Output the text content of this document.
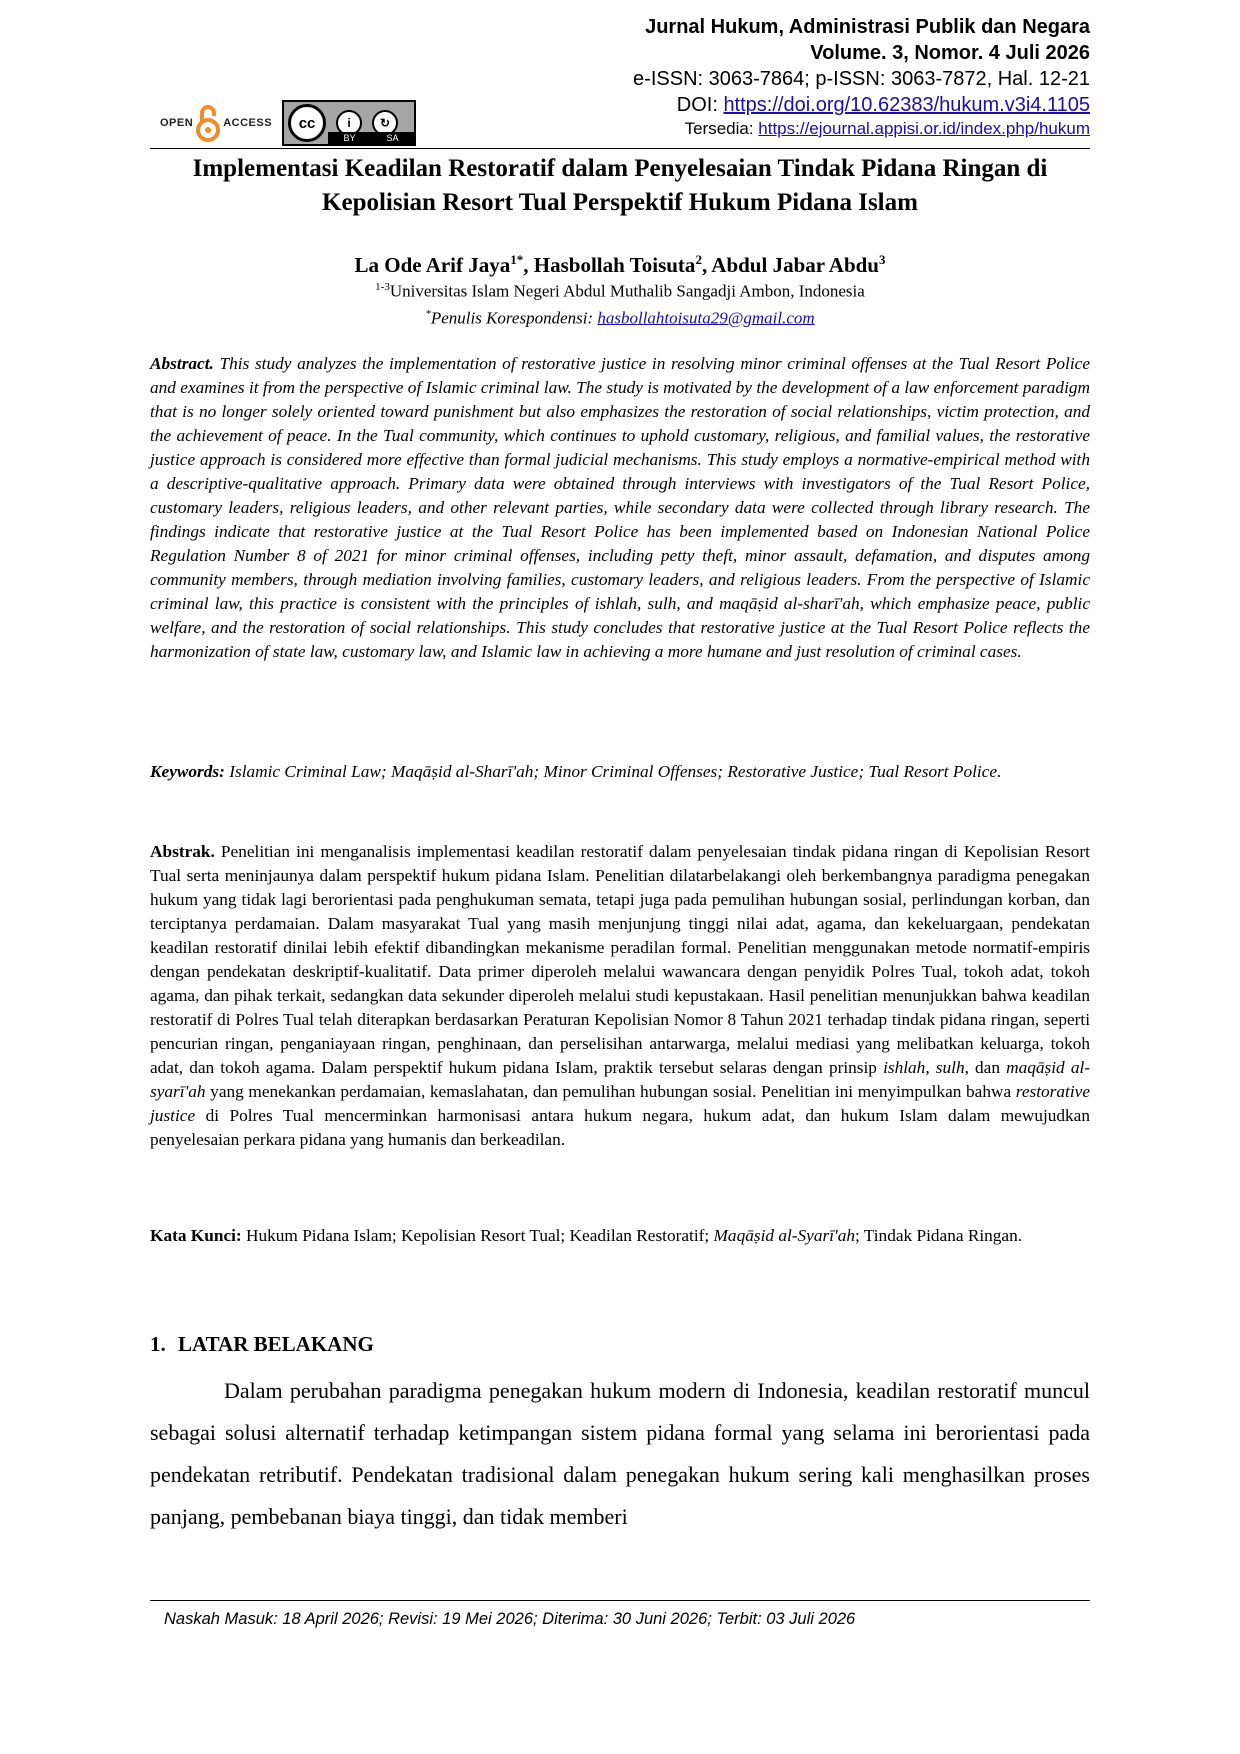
Jurnal Hukum, Administrasi Publik dan Negara
Volume. 3, Nomor. 4 Juli 2026
e-ISSN: 3063-7864; p-ISSN: 3063-7872, Hal. 12-21
DOI: https://doi.org/10.62383/hukum.v3i4.1105
Tersedia: https://ejournal.appisi.or.id/index.php/hukum
OPEN	ACCESS	cc	i	↻
BY	SA
Implementasi Keadilan Restoratif dalam Penyelesaian Tindak Pidana Ringan di Kepolisian Resort Tual Perspektif Hukum Pidana Islam
La Ode Arif Jaya$^{1*}$, Hasbollah Toisuta$^2$, Abdul Jabar Abdu$^3$
$^{1-3}$Universitas Islam Negeri Abdul Muthalib Sangadji Ambon, Indonesia
*Penulis Korespondensi: hasbollahtoisuta29@gmail.com
Abstract. This study analyzes the implementation of restorative justice in resolving minor criminal offenses at the Tual Resort Police and examines it from the perspective of Islamic criminal law. The study is motivated by the development of a law enforcement paradigm that is no longer solely oriented toward punishment but also emphasizes the restoration of social relationships, victim protection, and the achievement of peace. In the Tual community, which continues to uphold customary, religious, and familial values, the restorative justice approach is considered more effective than formal judicial mechanisms. This study employs a normative-empirical method with a descriptive-qualitative approach. Primary data were obtained through interviews with investigators of the Tual Resort Police, customary leaders, religious leaders, and other relevant parties, while secondary data were collected through library research. The findings indicate that restorative justice at the Tual Resort Police has been implemented based on Indonesian National Police Regulation Number 8 of 2021 for minor criminal offenses, including petty theft, minor assault, defamation, and disputes among community members, through mediation involving families, customary leaders, and religious leaders. From the perspective of Islamic criminal law, this practice is consistent with the principles of ishlah, sulh, and maqāṣid al-sharī'ah, which emphasize peace, public welfare, and the restoration of social relationships. This study concludes that restorative justice at the Tual Resort Police reflects the harmonization of state law, customary law, and Islamic law in achieving a more humane and just resolution of criminal cases.
Keywords: Islamic Criminal Law; Maqāṣid al-Sharī'ah; Minor Criminal Offenses; Restorative Justice; Tual Resort Police.
Abstrak. Penelitian ini menganalisis implementasi keadilan restoratif dalam penyelesaian tindak pidana ringan di Kepolisian Resort Tual serta meninjaunya dalam perspektif hukum pidana Islam. Penelitian dilatarbelakangi oleh berkembangnya paradigma penegakan hukum yang tidak lagi berorientasi pada penghukuman semata, tetapi juga pada pemulihan hubungan sosial, perlindungan korban, dan terciptanya perdamaian. Dalam masyarakat Tual yang masih menjunjung tinggi nilai adat, agama, dan kekeluargaan, pendekatan keadilan restoratif dinilai lebih efektif dibandingkan mekanisme peradilan formal. Penelitian menggunakan metode normatif-empiris dengan pendekatan deskriptif-kualitatif. Data primer diperoleh melalui wawancara dengan penyidik Polres Tual, tokoh adat, tokoh agama, dan pihak terkait, sedangkan data sekunder diperoleh melalui studi kepustakaan. Hasil penelitian menunjukkan bahwa keadilan restoratif di Polres Tual telah diterapkan berdasarkan Peraturan Kepolisian Nomor 8 Tahun 2021 terhadap tindak pidana ringan, seperti pencurian ringan, penganiayaan ringan, penghinaan, dan perselisihan antarwarga, melalui mediasi yang melibatkan keluarga, tokoh adat, dan tokoh agama. Dalam perspektif hukum pidana Islam, praktik tersebut selaras dengan prinsip ishlah, sulh, dan maqāṣid al-syarī'ah yang menekankan perdamaian, kemaslahatan, dan pemulihan hubungan sosial. Penelitian ini menyimpulkan bahwa restorative justice di Polres Tual mencerminkan harmonisasi antara hukum negara, hukum adat, dan hukum Islam dalam mewujudkan penyelesaian perkara pidana yang humanis dan berkeadilan.
Kata Kunci: Hukum Pidana Islam; Kepolisian Resort Tual; Keadilan Restoratif; Maqāṣid al-Syarī'ah; Tindak Pidana Ringan.
1. LATAR BELAKANG
Dalam perubahan paradigma penegakan hukum modern di Indonesia, keadilan restoratif muncul sebagai solusi alternatif terhadap ketimpangan sistem pidana formal yang selama ini berorientasi pada pendekatan retributif. Pendekatan tradisional dalam penegakan hukum sering kali menghasilkan proses panjang, pembebanan biaya tinggi, dan tidak memberi
Naskah Masuk: 18 April 2026; Revisi: 19 Mei 2026; Diterima: 30 Juni 2026; Terbit: 03 Juli 2026
